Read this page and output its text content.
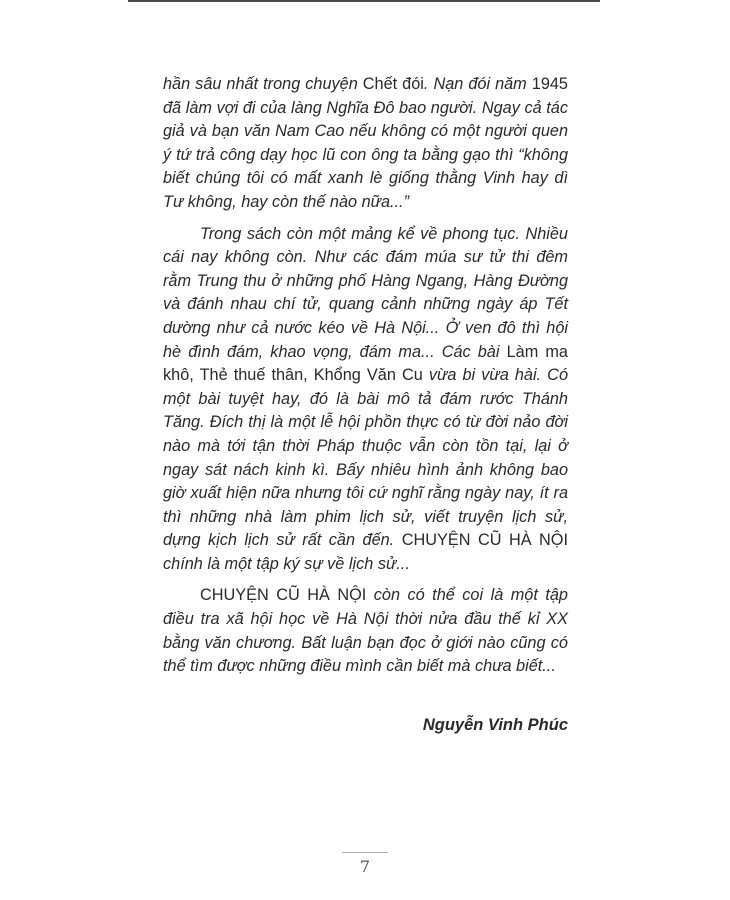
hần sâu nhất trong chuyện Chết đói. Nạn đói năm 1945 đã làm vợi đi của làng Nghĩa Đô bao người. Ngay cả tác giả và bạn văn Nam Cao nếu không có một người quen ý tứ trả công dạy học lũ con ông ta bằng gạo thì “không biết chúng tôi có mất xanh lè giống thằng Vinh hay dì Tư không, hay còn thế nào nữa...”

Trong sách còn một mảng kể về phong tục. Nhiều cái nay không còn. Như các đám múa sư tử thi đêm rằm Trung thu ở những phố Hàng Ngang, Hàng Đường và đánh nhau chí tử, quang cảnh những ngày áp Tết dường như cả nước kéo về Hà Nội... Ở ven đô thì hội hè đình đám, khao vọng, đám ma... Các bài Làm ma khô, Thẻ thuế thân, Khổng Văn Cu vừa bi vừa hài. Có một bài tuyệt hay, đó là bài mô tả đám rước Thánh Tăng. Đích thị là một lễ hội phồn thực có từ đời nảo đời nào mà tới tận thời Pháp thuộc vẫn còn tồn tại, lại ở ngay sát nách kinh kì. Bấy nhiêu hình ảnh không bao giờ xuất hiện nữa nhưng tôi cứ nghĩ rằng ngày nay, ít ra thì những nhà làm phim lịch sử, viết truyện lịch sử, dựng kịch lịch sử rất cần đến. CHUYỆN CŨ HÀ NỘI chính là một tập ký sự về lịch sử...

CHUYỆN CŨ HÀ NỘI còn có thể coi là một tập điều tra xã hội học về Hà Nội thời nửa đầu thế kỉ XX bằng văn chương. Bất luận bạn đọc ở giới nào cũng có thể tìm được những điều mình cần biết mà chưa biết...

Nguyễn Vinh Phúc
7
